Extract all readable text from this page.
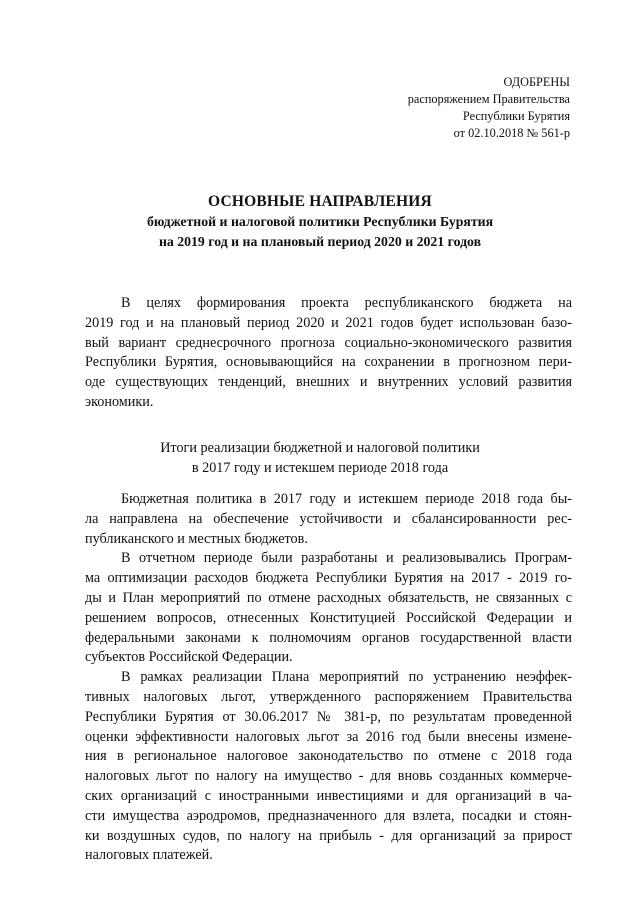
ОДОБРЕНЫ
распоряжением Правительства
Республики Бурятия
от 02.10.2018 № 561-р
ОСНОВНЫЕ НАПРАВЛЕНИЯ
бюджетной и налоговой политики Республики Бурятия
на 2019 год и на плановый период 2020 и 2021 годов
В целях формирования проекта республиканского бюджета на
2019 год и на плановый период 2020 и 2021 годов будет использован базо-
вый вариант среднесрочного прогноза социально-экономического развития
Республики Бурятия, основывающийся на сохранении в прогнозном пери-
оде существующих тенденций, внешних и внутренних условий развития
экономики.
Итоги реализации бюджетной и налоговой политики
в 2017 году и истекшем периоде 2018 года
Бюджетная политика в 2017 году и истекшем периоде 2018 года бы-
ла направлена на обеспечение устойчивости и сбалансированности рес-
публиканского и местных бюджетов.
В отчетном периоде были разработаны и реализовывались Програм-
ма оптимизации расходов бюджета Республики Бурятия на 2017 - 2019 го-
ды и План мероприятий по отмене расходных обязательств, не связанных с
решением вопросов, отнесенных Конституцией Российской Федерации и
федеральными законами к полномочиям органов государственной власти
субъектов Российской Федерации.
В рамках реализации Плана мероприятий по устранению неэффек-
тивных налоговых льгот, утвержденного распоряжением Правительства
Республики Бурятия от 30.06.2017 № 381-р, по результатам проведенной
оценки эффективности налоговых льгот за 2016 год были внесены измене-
ния в региональное налоговое законодательство по отмене с 2018 года
налоговых льгот по налогу на имущество - для вновь созданных коммерче-
ских организаций с иностранными инвестициями и для организаций в ча-
сти имущества аэродромов, предназначенного для взлета, посадки и стоян-
ки воздушных судов, по налогу на прибыль - для организаций за прирост
налоговых платежей.
